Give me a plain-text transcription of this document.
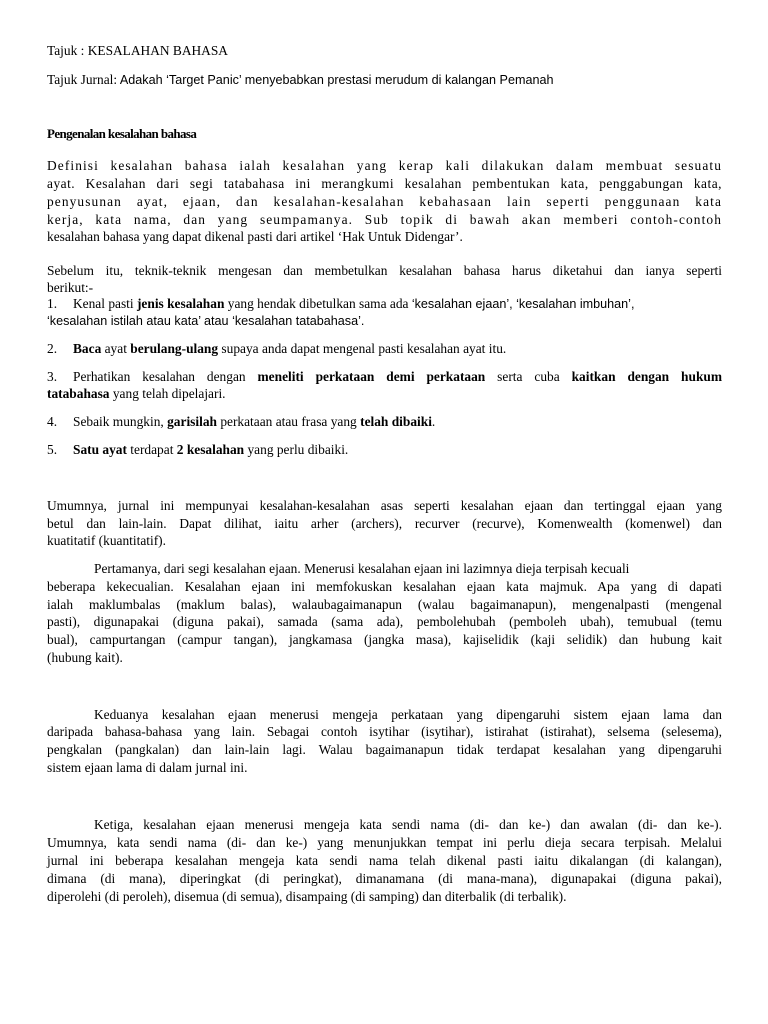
Tajuk : KESALAHAN BAHASA
Tajuk Jurnal: Adakah ‘Target Panic’ menyebabkan prestasi merudum di kalangan Pemanah
Pengenalan kesalahan bahasa
Definisi kesalahan bahasa ialah kesalahan yang kerap kali dilakukan dalam membuat sesuatu
ayat. Kesalahan dari segi tatabahasa ini merangkumi kesalahan pembentukan kata, penggabungan kata,
penyusunan ayat, ejaan, dan kesalahan-kesalahan kebahasaan lain seperti penggunaan kata
kerja, kata nama, dan yang seumpamanya. Sub topik di bawah akan memberi contoh-contoh
kesalahan bahasa yang dapat dikenal pasti dari artikel ‘Hak Untuk Didengar’.
Sebelum itu, teknik-teknik mengesan dan membetulkan kesalahan bahasa harus diketahui dan ianya seperti
berikut:-
1. Kenal pasti jenis kesalahan yang hendak dibetulkan sama ada ‘kesalahan ejaan’, ‘kesalahan imbuhan’,
‘kesalahan istilah atau kata’ atau ‘kesalahan tatabahasa’.
2. Baca ayat berulang-ulang supaya anda dapat mengenal pasti kesalahan ayat itu.
3. Perhatikan kesalahan dengan meneliti perkataan demi perkataan serta cuba kaitkan dengan hukum
tatabahasa yang telah dipelajari.
4. Sebaik mungkin, garisilah perkataan atau frasa yang telah dibaiki.
5. Satu ayat terdapat 2 kesalahan yang perlu dibaiki.
Umumnya, jurnal ini mempunyai kesalahan-kesalahan asas seperti kesalahan ejaan dan tertinggal ejaan yang
betul dan lain-lain. Dapat dilihat, iaitu arher (archers), recurver (recurve), Komenwealth (komenwel) dan
kuatitatif (kuantitatif).
Pertamanya, dari segi kesalahan ejaan. Menerusi kesalahan ejaan ini lazimnya dieja terpisah kecuali
beberapa kekecualian. Kesalahan ejaan ini memfokuskan kesalahan ejaan kata majmuk. Apa yang di dapati
ialah maklumbalas (maklum balas), walaubagaimanapun (walau bagaimanapun), mengenalpasti (mengenal
pasti), digunapakai (diguna pakai), samada (sama ada), pembolehubah (pemboleh ubah), temubual (temu
bual), campurtangan (campur tangan), jangkamasa (jangka masa), kajiselidik (kaji selidik) dan hubung kait
(hubung kait).
Keduanya kesalahan ejaan menerusi mengeja perkataan yang dipengaruhi sistem ejaan lama dan
daripada bahasa-bahasa yang lain. Sebagai contoh isytihar (isytihar), istirahat (istirahat), selsema (selesema),
pengkalan (pangkalan) dan lain-lain lagi. Walau bagaimanapun tidak terdapat kesalahan yang dipengaruhi
sistem ejaan lama di dalam jurnal ini.
Ketiga, kesalahan ejaan menerusi mengeja kata sendi nama (di- dan ke-) dan awalan (di- dan ke-).
Umumnya, kata sendi nama (di- dan ke-) yang menunjukkan tempat ini perlu dieja secara terpisah. Melalui
jurnal ini beberapa kesalahan mengeja kata sendi nama telah dikenal pasti iaitu dikalangan (di kalangan),
dimana (di mana), diperingkat (di peringkat), dimanamana (di mana-mana), digunapakai (diguna pakai),
diperolehi (di peroleh), disemua (di semua), disampaing (di samping) dan diterbalik (di terbalik).
